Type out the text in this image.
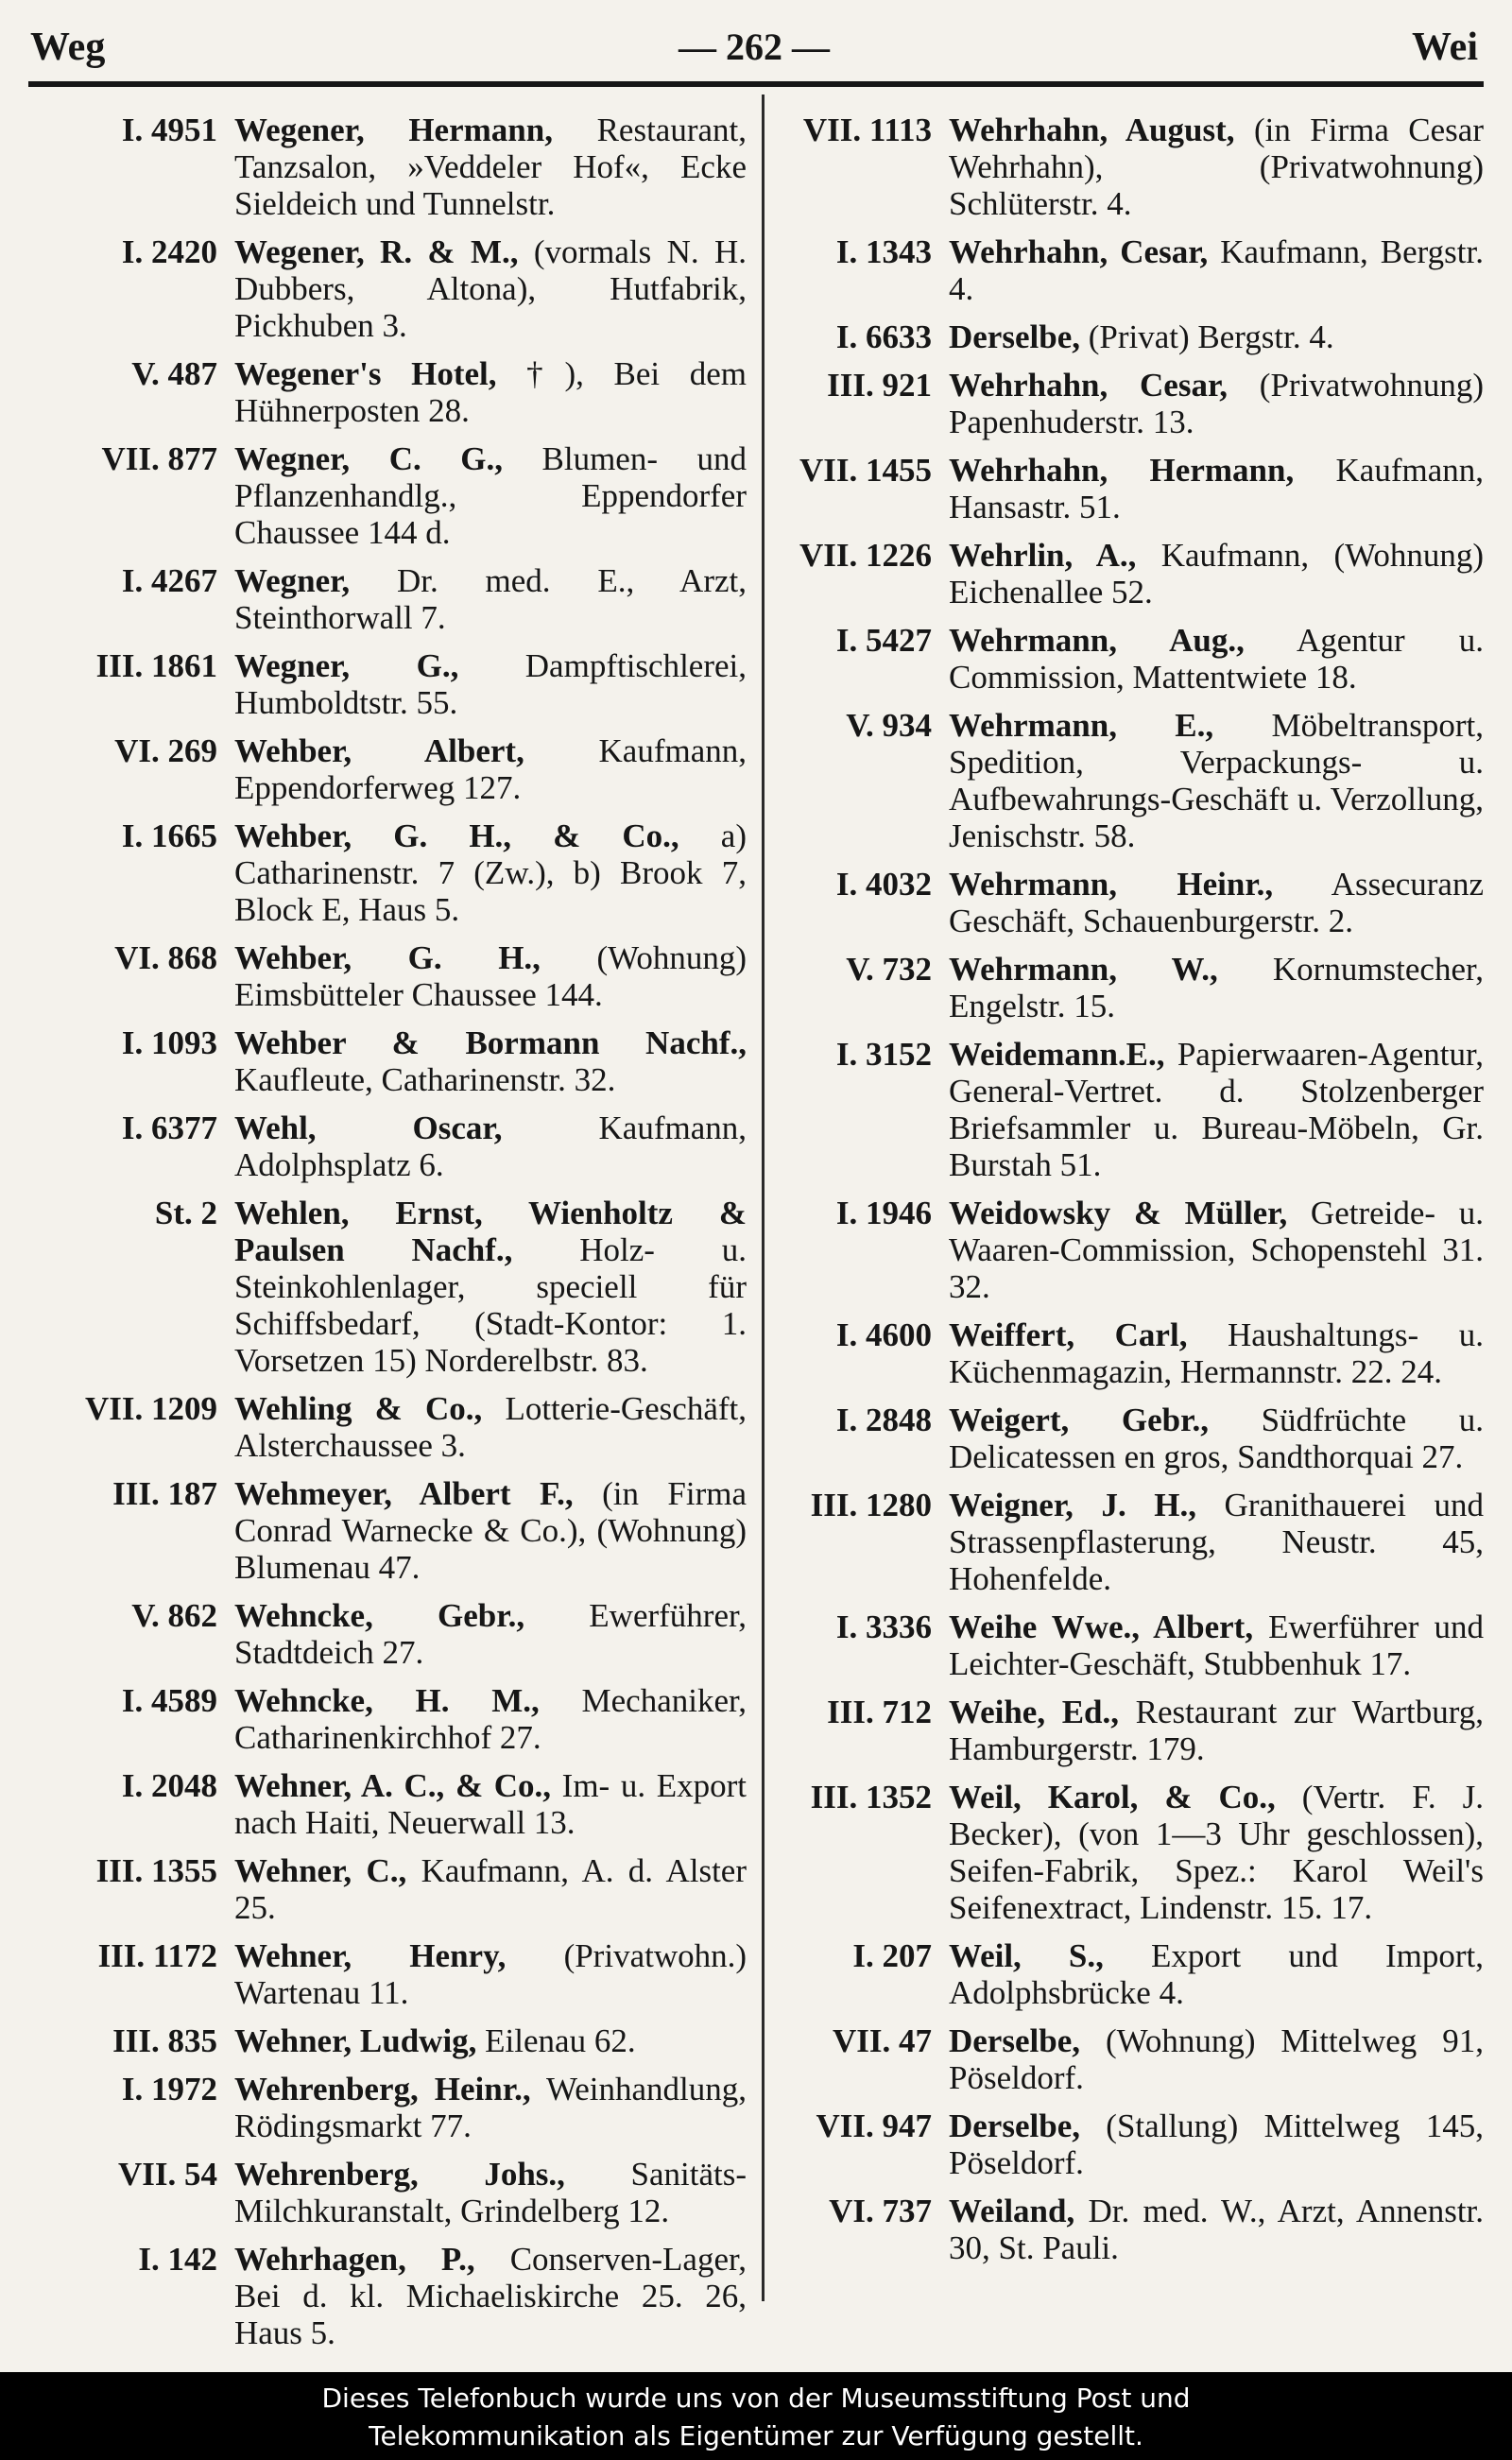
Weg	— 262 —	Wei
I. 4951 Wegener, Hermann, Restaurant, Tanzsalon, »Veddeler Hof«, Ecke Sieldeich und Tunnelstr.
I. 2420 Wegener, R. & M., (vormals N. H. Dubbers, Altona), Hutfabrik, Pickhuben 3.
V. 487 Wegener's Hotel, †), Bei dem Hühnerposten 28.
VII. 877 Wegner, C. G., Blumen- und Pflanzenhandlg., Eppendorfer Chaussee 144 d.
I. 4267 Wegner, Dr. med. E., Arzt, Steinthorwall 7.
III. 1861 Wegner, G., Dampftischlerei, Humboldtstr. 55.
VI. 269 Wehber, Albert, Kaufmann, Eppendorferweg 127.
I. 1665 Wehber, G. H., & Co., a) Catharinenstr. 7 (Zw.), b) Brook 7, Block E, Haus 5.
VI. 868 Wehber, G. H., (Wohnung) Eimsbütteler Chaussee 144.
I. 1093 Wehber & Bormann Nachf., Kaufleute, Catharinenstr. 32.
I. 6377 Wehl, Oscar,	Kaufmann, Adolphsplatz 6.
St. 2 Wehlen, Ernst, Wienholtz & Paulsen Nachf., Holz- u. Steinkohlenlager, speciell für Schiffsbedarf, (Stadt-Kontor: 1. Vorsetzen 15) Norderelbstr. 83.
VII. 1209 Wehling & Co., Lotterie-Geschäft, Alsterchaussee 3.
III. 187 Wehmeyer, Albert F., (in Firma Conrad Warnecke & Co.), (Wohnung) Blumenau 47.
V. 862 Wehncke, Gebr., Ewerführer, Stadtdeich 27.
I. 4589 Wehncke, H. M., Mechaniker, Catharinenkirchhof 27.
I. 2048 Wehner, A. C., & Co., Im- u. Export nach Haiti, Neuerwall 13.
III. 1355 Wehner, C., Kaufmann, A. d. Alster 25.
III. 1172 Wehner, Henry, (Privatwohn.) Wartenau 11.
III. 835 Wehner, Ludwig, Eilenau 62.
I. 1972 Wehrenberg, Heinr., Weinhandlung, Rödingsmarkt 77.
VII. 54 Wehrenberg, Johs., Sanitäts-Milchkuranstalt, Grindelberg 12.
I. 142 Wehrhagen, P., Conserven-Lager, Bei d. kl. Michaeliskirche 25. 26, Haus 5.
VII. 1113 Wehrhahn, August, (in Firma Cesar Wehrhahn), (Privatwohnung) Schlüterstr. 4.
I. 1343 Wehrhahn, Cesar, Kaufmann, Bergstr. 4.
I. 6633 Derselbe, (Privat) Bergstr. 4.
III. 921 Wehrhahn, Cesar, (Privatwohnung) Papenhuderstr. 13.
VII. 1455 Wehrhahn, Hermann, Kaufmann, Hansastr. 51.
VII. 1226 Wehrlin, A., Kaufmann, (Wohnung) Eichenallee 52.
I. 5427 Wehrmann, Aug., Agentur u. Commission, Mattentwiete 18.
V. 934 Wehrmann, E., Möbeltransport, Spedition, Verpackungs- u. Aufbewahrungs-Geschäft u. Verzollung, Jenischstr. 58.
I. 4032 Wehrmann, Heinr., Assecuranz Geschäft, Schauenburgerstr. 2.
V. 732 Wehrmann, W., Kornumstecher, Engelstr. 15.
I. 3152 Weidemann.E., Papierwaaren-Agentur, General-Vertret. d. Stolzenberger Briefsammler u. Bureau-Möbeln, Gr. Burstah 51.
I. 1946 Weidowsky & Müller, Getreide- u. Waaren-Commission, Schopenstehl 31. 32.
I. 4600 Weiffert, Carl, Haushaltungs- u. Küchenmagazin, Hermannstr. 22. 24.
I. 2848 Weigert, Gebr., Südfrüchte u. Delicatessen en gros, Sandthorquai 27.
III. 1280 Weigner, J. H., Granithauerei und Strassenpflasterung, Neustr. 45, Hohenfelde.
I. 3336 Weihe Wwe., Albert, Ewerführer und Leichter-Geschäft, Stubbenhuk 17.
III. 712 Weihe, Ed., Restaurant zur Wartburg, Hamburgerstr. 179.
III. 1352 Weil, Karol, & Co., (Vertr. F. J. Becker), (von 1—3 Uhr geschlossen), Seifen-Fabrik, Spez.: Karol Weil's Seifenextract, Lindenstr. 15. 17.
I. 207 Weil, S., Export und Import, Adolphsbrücke 4.
VII. 47 Derselbe, (Wohnung) Mittelweg 91, Pöseldorf.
VII. 947 Derselbe, (Stallung) Mittelweg 145, Pöseldorf.
VI. 737 Weiland, Dr. med. W., Arzt, Annenstr. 30, St. Pauli.
Dieses Telefonbuch wurde uns von der Museumsstiftung Post und
Telekommunikation als Eigentümer zur Verfügung gestellt.
